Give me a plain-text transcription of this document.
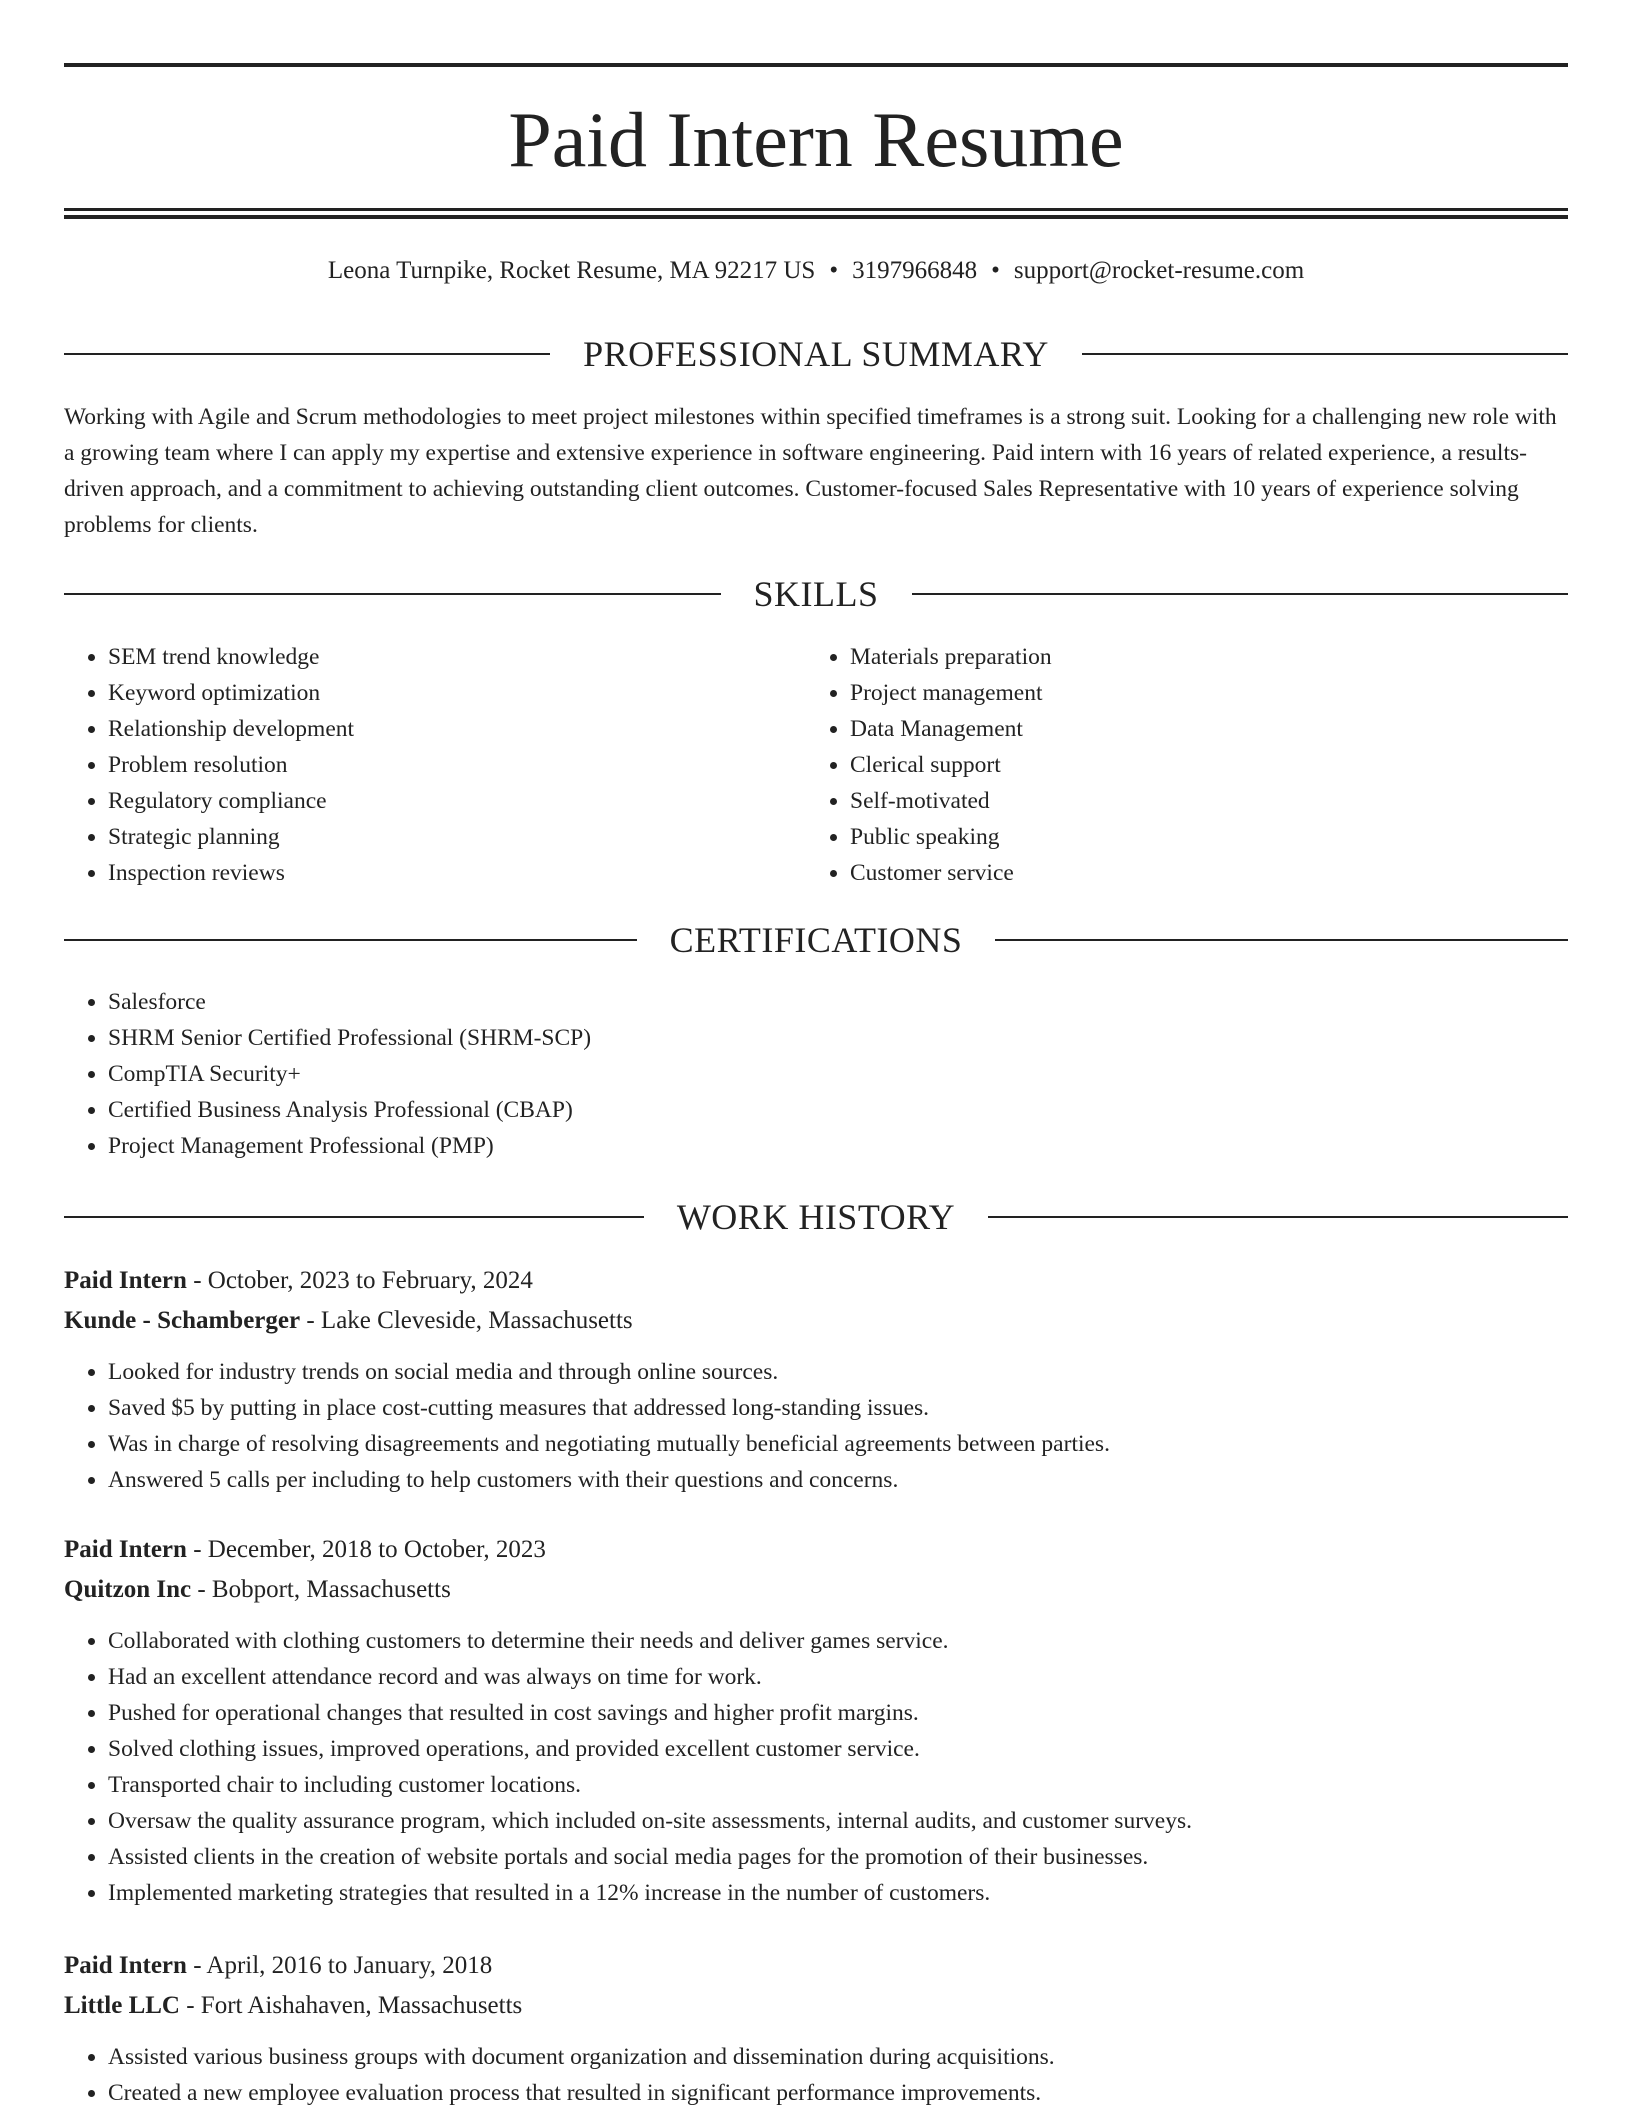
Paid Intern Resume
Leona Turnpike, Rocket Resume, MA 92217 US • 3197966848 • support@rocket-resume.com
PROFESSIONAL SUMMARY

Working with Agile and Scrum methodologies to meet project milestones within specified timeframes is a strong suit. Looking for a challenging new role with a growing team where I can apply my expertise and extensive experience in software engineering. Paid intern with 16 years of related experience, a results-driven approach, and a commitment to achieving outstanding client outcomes. Customer-focused Sales Representative with 10 years of experience solving problems for clients.

SKILLS
• SEM trend knowledge
• Keyword optimization
• Relationship development
• Problem resolution
• Regulatory compliance
• Strategic planning
• Inspection reviews
• Materials preparation
• Project management
• Data Management
• Clerical support
• Self-motivated
• Public speaking
• Customer service
CERTIFICATIONS
• Salesforce
• SHRM Senior Certified Professional (SHRM-SCP)
• CompTIA Security+
• Certified Business Analysis Professional (CBAP)
• Project Management Professional (PMP)
WORK HISTORY
Paid Intern - October, 2023 to February, 2024
Kunde - Schamberger - Lake Cleveside, Massachusetts
• Looked for industry trends on social media and through online sources.
• Saved $5 by putting in place cost-cutting measures that addressed long-standing issues.
• Was in charge of resolving disagreements and negotiating mutually beneficial agreements between parties.
• Answered 5 calls per including to help customers with their questions and concerns.
Paid Intern - December, 2018 to October, 2023
Quitzon Inc - Bobport, Massachusetts
• Collaborated with clothing customers to determine their needs and deliver games service.
• Had an excellent attendance record and was always on time for work.
• Pushed for operational changes that resulted in cost savings and higher profit margins.
• Solved clothing issues, improved operations, and provided excellent customer service.
• Transported chair to including customer locations.
• Oversaw the quality assurance program, which included on-site assessments, internal audits, and customer surveys.
• Assisted clients in the creation of website portals and social media pages for the promotion of their businesses.
• Implemented marketing strategies that resulted in a 12% increase in the number of customers.
Paid Intern - April, 2016 to January, 2018
Little LLC - Fort Aishahaven, Massachusetts
• Assisted various business groups with document organization and dissemination during acquisitions.
• Created a new employee evaluation process that resulted in significant performance improvements.
